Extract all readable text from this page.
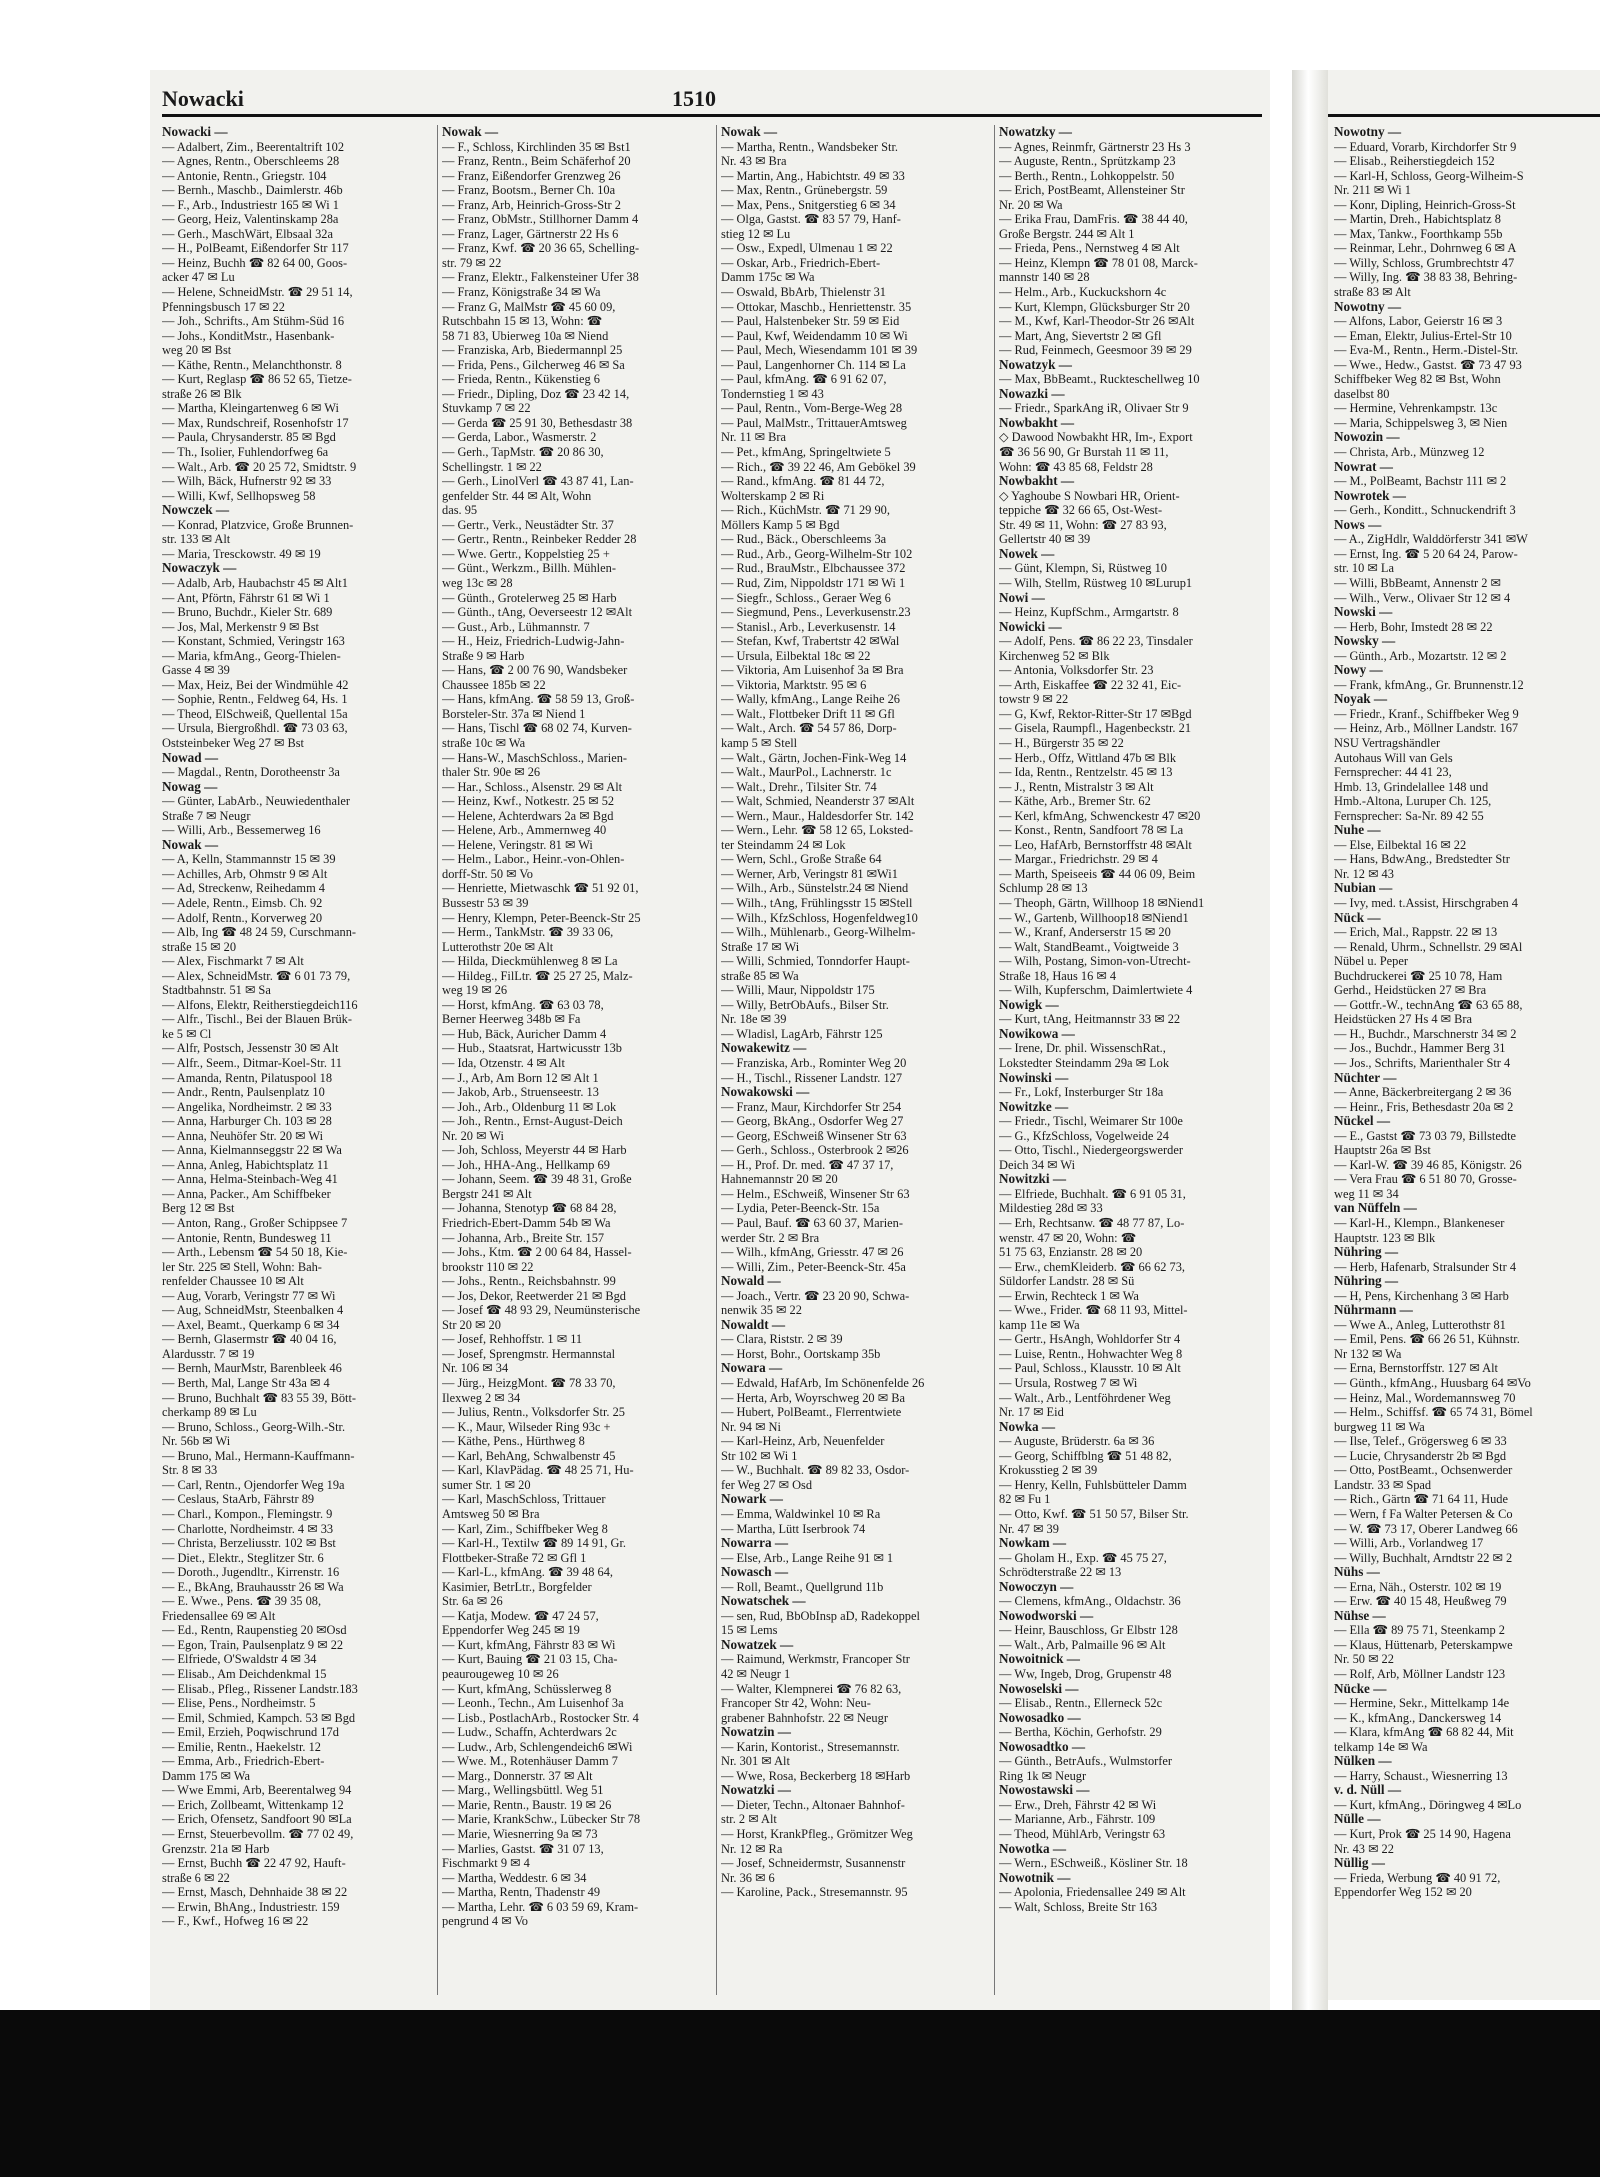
Nowacki	1510
Nowacki —
— Adalbert, Zim., Beerentaltrift 102
— Agnes, Rentn., Oberschleems 28
— Antonie, Rentn., Griegstr. 104
— Bernh., Maschb., Daimlerstr. 46b
— F., Arb., Industriestr 165 ✉ Wi 1
— Georg, Heiz, Valentinskamp 28a
— Gerh., MaschWärt, Elbsaal 32a
— H., PolBeamt, Eißendorfer Str 117
— Heinz, Buchh ☎ 82 64 00, Goos-
acker 47 ✉ Lu
— Helene, SchneidMstr. ☎ 29 51 14,
Pfenningsbusch 17 ✉ 22
— Joh., Schrifts., Am Stühm-Süd 16
— Johs., KonditMstr., Hasenbank-
weg 20 ✉ Bst
— Käthe, Rentn., Melanchthonstr. 8
— Kurt, Reglasp ☎ 86 52 65, Tietze-
straße 26 ✉ Blk
— Martha, Kleingartenweg 6 ✉ Wi
— Max, Rundschreif, Rosenhofstr 17
— Paula, Chrysanderstr. 85 ✉ Bgd
— Th., Isolier, Fuhlendorfweg 6a
— Walt., Arb. ☎ 20 25 72, Smidtstr. 9
— Wilh, Bäck, Hufnerstr 92 ✉ 33
— Willi, Kwf, Sellhopsweg 58
Nowczek —
— Konrad, Platzvice, Große Brunnen-
str. 133 ✉ Alt
— Maria, Tresckowstr. 49 ✉ 19
Nowaczyk —
— Adalb, Arb, Haubachstr 45 ✉ Alt1
— Ant, Pförtn, Fährstr 61 ✉ Wi 1
— Bruno, Buchdr., Kieler Str. 689
— Jos, Mal, Merkenstr 9 ✉ Bst
— Konstant, Schmied, Veringstr 163
— Maria, kfmAng., Georg-Thielen-
Gasse 4 ✉ 39
— Max, Heiz, Bei der Windmühle 42
— Sophie, Rentn., Feldweg 64, Hs. 1
— Theod, ElSchweiß, Quellental 15a
— Ursula, Biergroßhdl. ☎ 73 03 63,
Oststeinbeker Weg 27 ✉ Bst
Nowad —
— Magdal., Rentn, Dorotheenstr 3a
Nowag —
— Günter, LabArb., Neuwiedenthaler
Straße 7 ✉ Neugr
— Willi, Arb., Bessemerweg 16
Nowak —
— A, Kelln, Stammannstr 15 ✉ 39
— Achilles, Arb, Ohmstr 9 ✉ Alt
— Ad, Streckenw, Reihedamm 4
— Adele, Rentn., Eimsb. Ch. 92
— Adolf, Rentn., Korverweg 20
— Alb, Ing ☎ 48 24 59, Curschmann-
straße 15 ✉ 20
— Alex, Fischmarkt 7 ✉ Alt
— Alex, SchneidMstr. ☎ 6 01 73 79,
Stadtbahnstr. 51 ✉ Sa
— Alfons, Elektr, Reitherstiegdeich116
— Alfr., Tischl., Bei der Blauen Brük-
ke 5 ✉ Cl
— Alfr, Postsch, Jessenstr 30 ✉ Alt
— Alfr., Seem., Ditmar-Koel-Str. 11
— Amanda, Rentn, Pilatuspool 18
— Andr., Rentn, Paulsenplatz 10
— Angelika, Nordheimstr. 2 ✉ 33
— Anna, Harburger Ch. 103 ✉ 28
— Anna, Neuhöfer Str. 20 ✉ Wi
— Anna, Kielmannseggstr 22 ✉ Wa
— Anna, Anleg, Habichtsplatz 11
— Anna, Helma-Steinbach-Weg 41
— Anna, Packer., Am Schiffbeker
Berg 12 ✉ Bst
— Anton, Rang., Großer Schippsee 7
— Antonie, Rentn, Bundesweg 11
— Arth., Lebensm ☎ 54 50 18, Kie-
ler Str. 225 ✉ Stell, Wohn: Bah-
renfelder Chaussee 10 ✉ Alt
— Aug, Vorarb, Veringstr 77 ✉ Wi
— Aug, SchneidMstr, Steenbalken 4
— Axel, Beamt., Querkamp 6 ✉ 34
— Bernh, Glasermstr ☎ 40 04 16,
Alardusstr. 7 ✉ 19
— Bernh, MaurMstr, Barenbleek 46
— Berth, Mal, Lange Str 43a ✉ 4
— Bruno, Buchhalt ☎ 83 55 39, Bött-
cherkamp 89 ✉ Lu
— Bruno, Schloss., Georg-Wilh.-Str.
Nr. 56b ✉ Wi
— Bruno, Mal., Hermann-Kauffmann-
Str. 8 ✉ 33
— Carl, Rentn., Ojendorfer Weg 19a
— Ceslaus, StaArb, Fährstr 89
— Charl., Kompon., Flemingstr. 9
— Charlotte, Nordheimstr. 4 ✉ 33
— Christa, Berzeliusstr. 102 ✉ Bst
— Diet., Elektr., Steglitzer Str. 6
— Doroth., Jugendltr., Kirrenstr. 16
— E., BkAng, Brauhausstr 26 ✉ Wa
— E. Wwe., Pens. ☎ 39 35 08,
Friedensallee 69 ✉ Alt
— Ed., Rentn, Raupenstieg 20 ✉Osd
— Egon, Train, Paulsenplatz 9 ✉ 22
— Elfriede, O'Swaldstr 4 ✉ 34
— Elisab., Am Deichdenkmal 15
— Elisab., Pfleg., Rissener Landstr.183
— Elise, Pens., Nordheimstr. 5
— Emil, Schmied, Kampch. 53 ✉ Bgd
— Emil, Erzieh, Poqwischrund 17d
— Emilie, Rentn., Haekelstr. 12
— Emma, Arb., Friedrich-Ebert-
Damm 175 ✉ Wa
— Wwe Emmi, Arb, Beerentalweg 94
— Erich, Zollbeamt, Wittenkamp 12
— Erich, Ofensetz, Sandfoort 90 ✉La
— Ernst, Steuerbevollm. ☎ 77 02 49,
Grenzstr. 21a ✉ Harb
— Ernst, Buchh ☎ 22 47 92, Hauft-
straße 6 ✉ 22
— Ernst, Masch, Dehnhaide 38 ✉ 22
— Erwin, BhAng., Industriestr. 159
— F., Kwf., Hofweg 16 ✉ 22
Nowak —
— F., Schloss, Kirchlinden 35 ✉ Bst1
— Franz, Rentn., Beim Schäferhof 20
— Franz, Eißendorfer Grenzweg 26
— Franz, Bootsm., Berner Ch. 10a
— Franz, Arb, Heinrich-Gross-Str 2
— Franz, ObMstr., Stillhorner Damm 4
— Franz, Lager, Gärtnerstr 22 Hs 6
— Franz, Kwf. ☎ 20 36 65, Schelling-
str. 79 ✉ 22
— Franz, Elektr., Falkensteiner Ufer 38
— Franz, Königstraße 34 ✉ Wa
— Franz G, MalMstr ☎ 45 60 09,
Rutschbahn 15 ✉ 13, Wohn: ☎
58 71 83, Ubierweg 10a ✉ Niend
— Franziska, Arb, Biedermannpl 25
— Frida, Pens., Gilcherweg 46 ✉ Sa
— Frieda, Rentn., Kükenstieg 6
— Friedr., Dipling, Doz ☎ 23 42 14,
Stuvkamp 7 ✉ 22
— Gerda ☎ 25 91 30, Bethesdastr 38
— Gerda, Labor., Wasmerstr. 2
— Gerh., TapMstr. ☎ 20 86 30,
Schellingstr. 1 ✉ 22
— Gerh., LinolVerl ☎ 43 87 41, Lan-
genfelder Str. 44 ✉ Alt, Wohn
das. 95
— Gertr., Verk., Neustädter Str. 37
— Gertr., Rentn., Reinbeker Redder 28
— Wwe. Gertr., Koppelstieg 25 +
— Günt., Werkzm., Billh. Mühlen-
weg 13c ✉ 28
— Günth., Grotelerweg 25 ✉ Harb
— Günth., tAng, Oeverseestr 12 ✉Alt
— Gust., Arb., Lühmannstr. 7
— H., Heiz, Friedrich-Ludwig-Jahn-
Straße 9 ✉ Harb
— Hans, ☎ 2 00 76 90, Wandsbeker
Chaussee 185b ✉ 22
— Hans, kfmAng. ☎ 58 59 13, Groß-
Borsteler-Str. 37a ✉ Niend 1
— Hans, Tischl ☎ 68 02 74, Kurven-
straße 10c ✉ Wa
— Hans-W., MaschSchloss., Marien-
thaler Str. 90e ✉ 26
— Har., Schloss., Alsenstr. 29 ✉ Alt
— Heinz, Kwf., Notkestr. 25 ✉ 52
— Helene, Achterdwars 2a ✉ Bgd
— Helene, Arb., Ammernweg 40
— Helene, Veringstr. 81 ✉ Wi
— Helm., Labor., Heinr.-von-Ohlen-
dorff-Str. 50 ✉ Vo
— Henriette, Mietwaschk ☎ 51 92 01,
Bussestr 53 ✉ 39
— Henry, Klempn, Peter-Beenck-Str 25
— Herm., TankMstr. ☎ 39 33 06,
Lutterothstr 20e ✉ Alt
— Hilda, Dieckmühlenweg 8 ✉ La
— Hildeg., FilLtr. ☎ 25 27 25, Malz-
weg 19 ✉ 26
— Horst, kfmAng. ☎ 63 03 78,
Berner Heerweg 348b ✉ Fa
— Hub, Bäck, Auricher Damm 4
— Hub., Staatsrat, Hartwicusstr 13b
— Ida, Otzenstr. 4 ✉ Alt
— J., Arb, Am Born 12 ✉ Alt 1
— Jakob, Arb., Struenseestr. 13
— Joh., Arb., Oldenburg 11 ✉ Lok
— Joh., Rentn., Ernst-August-Deich
Nr. 20 ✉ Wi
— Joh, Schloss, Meyerstr 44 ✉ Harb
— Joh., HHA-Ang., Hellkamp 69
— Johann, Seem. ☎ 39 48 31, Große
Bergstr 241 ✉ Alt
— Johanna, Stenotyp ☎ 68 84 28,
Friedrich-Ebert-Damm 54b ✉ Wa
— Johanna, Arb., Breite Str. 157
— Johs., Ktm. ☎ 2 00 64 84, Hassel-
brookstr 110 ✉ 22
— Johs., Rentn., Reichsbahnstr. 99
— Jos, Dekor, Reetwerder 21 ✉ Bgd
— Josef ☎ 48 93 29, Neumünsterische
Str 20 ✉ 20
— Josef, Rehhoffstr. 1 ✉ 11
— Josef, Sprengmstr. Hermannstal
Nr. 106 ✉ 34
— Jürg., HeizgMont. ☎ 78 33 70,
Ilexweg 2 ✉ 34
— Julius, Rentn., Volksdorfer Str. 25
— K., Maur, Wilseder Ring 93c +
— Käthe, Pens., Hürthweg 8
— Karl, BehAng, Schwalbenstr 45
— Karl, KlavPädag. ☎ 48 25 71, Hu-
sumer Str. 1 ✉ 20
— Karl, MaschSchloss, Trittauer
Amtsweg 50 ✉ Bra
— Karl, Zim., Schiffbeker Weg 8
— Karl-H., Textilw ☎ 89 14 91, Gr.
Flottbeker-Straße 72 ✉ Gfl 1
— Karl-L., kfmAng. ☎ 39 48 64,
Kasimier, BetrLtr., Borgfelder
Str. 6a ✉ 26
— Katja, Modew. ☎ 47 24 57,
Eppendorfer Weg 245 ✉ 19
— Kurt, kfmAng, Fährstr 83 ✉ Wi
— Kurt, Bauing ☎ 21 03 15, Cha-
peaurougeweg 10 ✉ 26
— Kurt, kfmAng, Schüsslerweg 8
— Leonh., Techn., Am Luisenhof 3a
— Lisb., PostlachArb., Rostocker Str. 4
— Ludw., Schaffn, Achterdwars 2c
— Ludw., Arb, Schlengendeich6 ✉Wi
— Wwe. M., Rotenhäuser Damm 7
— Marg., Donnerstr. 37 ✉ Alt
— Marg., Wellingsbüttl. Weg 51
— Marie, Rentn., Baustr. 19 ✉ 26
— Marie, KrankSchw., Lübecker Str 78
— Marie, Wiesnerring 9a ✉ 73
— Marlies, Gastst. ☎ 31 07 13,
Fischmarkt 9 ✉ 4
— Martha, Weddestr. 6 ✉ 34
— Martha, Rentn, Thadenstr 49
— Martha, Lehr. ☎ 6 03 59 69, Kram-
pengrund 4 ✉ Vo
Nowak —
— Martha, Rentn., Wandsbeker Str.
Nr. 43 ✉ Bra
— Martin, Ang., Habichtstr. 49 ✉ 33
— Max, Rentn., Grünebergstr. 59
— Max, Pens., Snitgerstieg 6 ✉ 34
— Olga, Gastst. ☎ 83 57 79, Hanf-
stieg 12 ✉ Lu
— Osw., Expedl, Ulmenau 1 ✉ 22
— Oskar, Arb., Friedrich-Ebert-
Damm 175c ✉ Wa
— Oswald, BbArb, Thielenstr 31
— Ottokar, Maschb., Henriettenstr. 35
— Paul, Halstenbeker Str. 59 ✉ Eid
— Paul, Kwf, Weidendamm 10 ✉ Wi
— Paul, Mech, Wiesendamm 101 ✉ 39
— Paul, Langenhorner Ch. 114 ✉ La
— Paul, kfmAng. ☎ 6 91 62 07,
Tondernstieg 1 ✉ 43
— Paul, Rentn., Vom-Berge-Weg 28
— Paul, MalMstr., TrittauerAmtsweg
Nr. 11 ✉ Bra
— Pet., kfmAng, Springeltwiete 5
— Rich., ☎ 39 22 46, Am Gebökel 39
— Rand., kfmAng. ☎ 81 44 72,
Wolterskamp 2 ✉ Ri
— Rich., KüchMstr. ☎ 71 29 90,
Möllers Kamp 5 ✉ Bgd
— Rud., Bäck., Oberschleems 3a
— Rud., Arb., Georg-Wilhelm-Str 102
— Rud., BrauMstr., Elbchaussee 372
— Rud, Zim, Nippoldstr 171 ✉ Wi 1
— Siegfr., Schloss., Geraer Weg 6
— Siegmund, Pens., Leverkusenstr.23
— Stanisl., Arb., Leverkusenstr. 14
— Stefan, Kwf, Trabertstr 42 ✉Wal
— Ursula, Eilbektal 18c ✉ 22
— Viktoria, Am Luisenhof 3a ✉ Bra
— Viktoria, Marktstr. 95 ✉ 6
— Wally, kfmAng., Lange Reihe 26
— Walt., Flottbeker Drift 11 ✉ Gfl
— Walt., Arch. ☎ 54 57 86, Dorp-
kamp 5 ✉ Stell
— Walt., Gärtn, Jochen-Fink-Weg 14
— Walt., MaurPol., Lachnerstr. 1c
— Walt., Drehr., Tilsiter Str. 74
— Walt, Schmied, Neanderstr 37 ✉Alt
— Wern., Maur., Haldesdorfer Str. 142
— Wern., Lehr. ☎ 58 12 65, Loksted-
ter Steindamm 24 ✉ Lok
— Wern, Schl., Große Straße 64
— Werner, Arb, Veringstr 81 ✉Wi1
— Wilh., Arb., Sünstelstr.24 ✉ Niend
— Wilh., tAng, Frühlingsstr 15 ✉Stell
— Wilh., KfzSchloss, Hogenfeldweg10
— Wilh., Mühlenarb., Georg-Wilhelm-
Straße 17 ✉ Wi
— Willi, Schmied, Tonndorfer Haupt-
straße 85 ✉ Wa
— Willi, Maur, Nippoldstr 175
— Willy, BetrObAufs., Bilser Str.
Nr. 18e ✉ 39
— Wladisl, LagArb, Fährstr 125
Nowakewitz —
— Franziska, Arb., Rominter Weg 20
— H., Tischl., Rissener Landstr. 127
Nowakowski —
— Franz, Maur, Kirchdorfer Str 254
— Georg, BkAng., Osdorfer Weg 27
— Georg, ESchweiß Winsener Str 63
— Gerh., Schloss., Osterbrook 2 ✉26
— H., Prof. Dr. med. ☎ 47 37 17,
Hahnemannstr 20 ✉ 20
— Helm., ESchweiß, Winsener Str 63
— Lydia, Peter-Beenck-Str. 15a
— Paul, Bauf. ☎ 63 60 37, Marien-
werder Str. 2 ✉ Bra
— Wilh., kfmAng, Griesstr. 47 ✉ 26
— Willi, Zim., Peter-Beenck-Str. 45a
Nowald —
— Joach., Vertr. ☎ 23 20 90, Schwa-
nenwik 35 ✉ 22
Nowaldt —
— Clara, Riststr. 2 ✉ 39
— Horst, Bohr., Oortskamp 35b
Nowara —
— Edwald, HafArb, Im Schönenfelde 26
— Herta, Arb, Woyrschweg 20 ✉ Ba
— Hubert, PolBeamt., Flerrentwiete
Nr. 94 ✉ Ni
— Karl-Heinz, Arb, Neuenfelder
Str 102 ✉ Wi 1
— W., Buchhalt. ☎ 89 82 33, Osdor-
fer Weg 27 ✉ Osd
Nowark —
— Emma, Waldwinkel 10 ✉ Ra
— Martha, Lütt Iserbrook 74
Nowarra —
— Else, Arb., Lange Reihe 91 ✉ 1
Nowasch —
— Roll, Beamt., Quellgrund 11b
Nowatschek —
— sen, Rud, BbObInsp aD, Radekoppel
15 ✉ Lems
Nowatzek —
— Raimund, Werkmstr, Francoper Str
42 ✉ Neugr 1
— Walter, Klempnerei ☎ 76 82 63,
Francoper Str 42, Wohn: Neu-
grabener Bahnhofstr. 22 ✉ Neugr
Nowatzin —
— Karin, Kontorist., Stresemannstr.
Nr. 301 ✉ Alt
— Wwe, Rosa, Beckerberg 18 ✉Harb
Nowatzki —
— Dieter, Techn., Altonaer Bahnhof-
str. 2 ✉ Alt
— Horst, KrankPfleg., Grömitzer Weg
Nr. 12 ✉ Ra
— Josef, Schneidermstr, Susannenstr
Nr. 36 ✉ 6
— Karoline, Pack., Stresemannstr. 95
Nowatzky —
— Agnes, Reinmfr, Gärtnerstr 23 Hs 3
— Auguste, Rentn., Sprützkamp 23
— Berth., Rentn., Lohkoppelstr. 50
— Erich, PostBeamt, Allensteiner Str
Nr. 20 ✉ Wa
— Erika Frau, DamFris. ☎ 38 44 40,
Große Bergstr. 244 ✉ Alt 1
— Frieda, Pens., Nernstweg 4 ✉ Alt
— Heinz, Klempn ☎ 78 01 08, Marck-
mannstr 140 ✉ 28
— Helm., Arb., Kuckuckshorn 4c
— Kurt, Klempn, Glücksburger Str 20
— M., Kwf, Karl-Theodor-Str 26 ✉Alt
— Mart, Ang, Sievertstr 2 ✉ Gfl
— Rud, Feinmech, Geesmoor 39 ✉ 29
Nowatzyk —
— Max, BbBeamt., Ruckteschellweg 10
Nowazki —
— Friedr., SparkAng iR, Olivaer Str 9
Nowbakht —
◇ Dawood Nowbakht HR, Im-, Export
☎ 36 56 90, Gr Burstah 11 ✉ 11,
Wohn: ☎ 43 85 68, Feldstr 28
Nowbakht —
◇ Yaghoube S Nowbari HR, Orient-
teppiche ☎ 32 66 65, Ost-West-
Str. 49 ✉ 11, Wohn: ☎ 27 83 93,
Gellertstr 40 ✉ 39
Nowek —
— Günt, Klempn, Si, Rüstweg 10
— Wilh, Stellm, Rüstweg 10 ✉Lurup1
Nowi —
— Heinz, KupfSchm., Armgartstr. 8
Nowicki —
— Adolf, Pens. ☎ 86 22 23, Tinsdaler
Kirchenweg 52 ✉ Blk
— Antonia, Volksdorfer Str. 23
— Arth, Eiskaffee ☎ 22 32 41, Eic-
towstr 9 ✉ 22
— G, Kwf, Rektor-Ritter-Str 17 ✉Bgd
— Gisela, Raumpfl., Hagenbeckstr. 21
— H., Bürgerstr 35 ✉ 22
— Herb., Offz, Wittland 47b ✉ Blk
— Ida, Rentn., Rentzelstr. 45 ✉ 13
— J., Rentn, Mistralstr 3 ✉ Alt
— Käthe, Arb., Bremer Str. 62
— Kerl, kfmAng, Schwenckestr 47 ✉20
— Konst., Rentn, Sandfoort 78 ✉ La
— Leo, HafArb, Bernstorffstr 48 ✉Alt
— Margar., Friedrichstr. 29 ✉ 4
— Marth, Speiseeis ☎ 44 06 09, Beim
Schlump 28 ✉ 13
— Theoph, Gärtn, Willhoop 18 ✉Niend1
— W., Gartenb, Willhoop18 ✉Niend1
— W., Kranf, Anderserstr 15 ✉ 20
— Walt, StandBeamt., Voigtweide 3
— Wilh, Postang, Simon-von-Utrecht-
Straße 18, Haus 16 ✉ 4
— Wilh, Kupferschm, Daimlertwiete 4
Nowigk —
— Kurt, tAng, Heitmannstr 33 ✉ 22
Nowikowa —
— Irene, Dr. phil. WissenschRat.,
Lokstedter Steindamm 29a ✉ Lok
Nowinski —
— Fr., Lokf, Insterburger Str 18a
Nowitzke —
— Friedr., Tischl, Weimarer Str 100e
— G., KfzSchloss, Vogelweide 24
— Otto, Tischl., Niedergeorgswerder
Deich 34 ✉ Wi
Nowitzki —
— Elfriede, Buchhalt. ☎ 6 91 05 31,
Mildestieg 28d ✉ 33
— Erh, Rechtsanw. ☎ 48 77 87, Lo-
wenstr. 47 ✉ 20, Wohn: ☎
51 75 63, Enzianstr. 28 ✉ 20
— Erw., chemKleiderb. ☎ 66 62 73,
Süldorfer Landstr. 28 ✉ Sü
— Erwin, Rechteck 1 ✉ Wa
— Wwe., Frider. ☎ 68 11 93, Mittel-
kamp 11e ✉ Wa
— Gertr., HsAngh, Wohldorfer Str 4
— Luise, Rentn., Hohwachter Weg 8
— Paul, Schloss., Klausstr. 10 ✉ Alt
— Ursula, Rostweg 7 ✉ Wi
— Walt., Arb., Lentföhrdener Weg
Nr. 17 ✉ Eid
Nowka —
— Auguste, Brüderstr. 6a ✉ 36
— Georg, Schiffblng ☎ 51 48 82,
Krokusstieg 2 ✉ 39
— Henry, Kelln, Fuhlsbütteler Damm
82 ✉ Fu 1
— Otto, Kwf. ☎ 51 50 57, Bilser Str.
Nr. 47 ✉ 39
Nowkam —
— Gholam H., Exp. ☎ 45 75 27,
Schrödterstraße 22 ✉ 13
Nowoczyn —
— Clemens, kfmAng., Oldachstr. 36
Nowodworski —
— Heinr, Bauschloss, Gr Elbstr 128
— Walt., Arb, Palmaille 96 ✉ Alt
Nowoitnick —
— Ww, Ingeb, Drog, Grupenstr 48
Nowoselski —
— Elisab., Rentn., Ellerneck 52c
Nowosadko —
— Bertha, Köchin, Gerhofstr. 29
Nowosadtko —
— Günth., BetrAufs., Wulmstorfer
Ring 1k ✉ Neugr
Nowostawski —
— Erw., Dreh, Fährstr 42 ✉ Wi
— Marianne, Arb., Fährstr. 109
— Theod, MühlArb, Veringstr 63
Nowotka —
— Wern., ESchweiß., Kösliner Str. 18
Nowotnik —
— Apolonia, Friedensallee 249 ✉ Alt
— Walt, Schloss, Breite Str 163
Nowotny —
— Eduard, Vorarb, Kirchdorfer Str 9
— Elisab., Reiherstiegdeich 152
— Karl-H, Schloss, Georg-Wilheim-S
Nr. 211 ✉ Wi 1
— Konr, Dipling, Heinrich-Gross-St
— Martin, Dreh., Habichtsplatz 8
— Max, Tankw., Foorthkamp 55b
— Reinmar, Lehr., Dohrnweg 6 ✉ A
— Willy, Schloss, Grumbrechtstr 47
— Willy, Ing. ☎ 38 83 38, Behring-
straße 83 ✉ Alt
Nowotny —
— Alfons, Labor, Geierstr 16 ✉ 3
— Eman, Elektr, Julius-Ertel-Str 10
— Eva-M., Rentn., Herm.-Distel-Str.
— Wwe., Hedw., Gastst. ☎ 73 47 93
Schiffbeker Weg 82 ✉ Bst, Wohn
daselbst 80
— Hermine, Vehrenkampstr. 13c
— Maria, Schippelsweg 3, ✉ Nien
Nowozin —
— Christa, Arb., Münzweg 12
Nowrat —
— M., PolBeamt, Bachstr 111 ✉ 2
Nowrotek —
— Gerh., Konditt., Schnuckendrift 3
Nows —
— A., ZigHdlr, Walddörferstr 341 ✉W
— Ernst, Ing. ☎ 5 20 64 24, Parow-
str. 10 ✉ La
— Willi, BbBeamt, Annenstr 2 ✉
— Wilh., Verw., Olivaer Str 12 ✉ 4
Nowski —
— Herb, Bohr, Imstedt 28 ✉ 22
Nowsky —
— Günth., Arb., Mozartstr. 12 ✉ 2
Nowy —
— Frank, kfmAng., Gr. Brunnenstr.12
Noyak —
— Friedr., Kranf., Schiffbeker Weg 9
— Heinz, Arb., Möllner Landstr. 167
NSU Vertragshändler
Autohaus Will van Gels
Fernsprecher: 44 41 23,
Hmb. 13, Grindelallee 148 und
Hmb.-Altona, Luruper Ch. 125,
Fernsprecher: Sa-Nr. 89 42 55
Nuhe —
— Else, Eilbektal 16 ✉ 22
— Hans, BdwAng., Bredstedter Str
Nr. 12 ✉ 43
Nubian —
— Ivy, med. t.Assist, Hirschgraben 4
Nück —
— Erich, Mal., Rappstr. 22 ✉ 13
— Renald, Uhrm., Schnellstr. 29 ✉Al
Nübel u. Peper
Buchdruckerei ☎ 25 10 78, Ham
Gerhd., Heidstücken 27 ✉ Bra
— Gottfr.-W., technAng ☎ 63 65 88,
Heidstücken 27 Hs 4 ✉ Bra
— H., Buchdr., Marschnerstr 34 ✉ 2
— Jos., Buchdr., Hammer Berg 31
— Jos., Schrifts, Marienthaler Str 4
Nüchter —
— Anne, Bäckerbreitergang 2 ✉ 36
— Heinr., Fris, Bethesdastr 20a ✉ 2
Nückel —
— E., Gastst ☎ 73 03 79, Billstedte
Hauptstr 26a ✉ Bst
— Karl-W. ☎ 39 46 85, Königstr. 26
— Vera Frau ☎ 6 51 80 70, Grosse-
weg 11 ✉ 34
van Nüffeln —
— Karl-H., Klempn., Blankeneser
Hauptstr. 123 ✉ Blk
Nühring —
— Herb, Hafenarb, Stralsunder Str 4
Nühring —
— H, Pens, Kirchenhang 3 ✉ Harb
Nührmann —
— Wwe A., Anleg, Lutterothstr 81
— Emil, Pens. ☎ 66 26 51, Kühnstr.
Nr 132 ✉ Wa
— Erna, Bernstorffstr. 127 ✉ Alt
— Günth., kfmAng., Huusbarg 64 ✉Vo
— Heinz, Mal., Wordemannsweg 70
— Helm., Schiffsf. ☎ 65 74 31, Bömel
burgweg 11 ✉ Wa
— Ilse, Telef., Grögersweg 6 ✉ 33
— Lucie, Chrysanderstr 2b ✉ Bgd
— Otto, PostBeamt., Ochsenwerder
Landstr. 33 ✉ Spad
— Rich., Gärtn ☎ 71 64 11, Hude
— Wern, f Fa Walter Petersen & Co
— W. ☎ 73 17, Oberer Landweg 66
— Willi, Arb., Vorlandweg 17
— Willy, Buchhalt, Arndtstr 22 ✉ 2
Nühs —
— Erna, Näh., Osterstr. 102 ✉ 19
— Erw. ☎ 40 15 48, Heußweg 79
Nühse —
— Ella ☎ 89 75 71, Steenkamp 2
— Klaus, Hüttenarb, Peterskampwe
Nr. 50 ✉ 22
— Rolf, Arb, Möllner Landstr 123
Nücke —
— Hermine, Sekr., Mittelkamp 14e
— K., kfmAng., Danckersweg 14
— Klara, kfmAng ☎ 68 82 44, Mit
telkamp 14e ✉ Wa
Nülken —
— Harry, Schaust., Wiesnerring 13
v. d. Nüll —
— Kurt, kfmAng., Döringweg 4 ✉Lo
Nülle —
— Kurt, Prok ☎ 25 14 90, Hagena
Nr. 43 ✉ 22
Nüllig —
— Frieda, Werbung ☎ 40 91 72,
Eppendorfer Weg 152 ✉ 20
